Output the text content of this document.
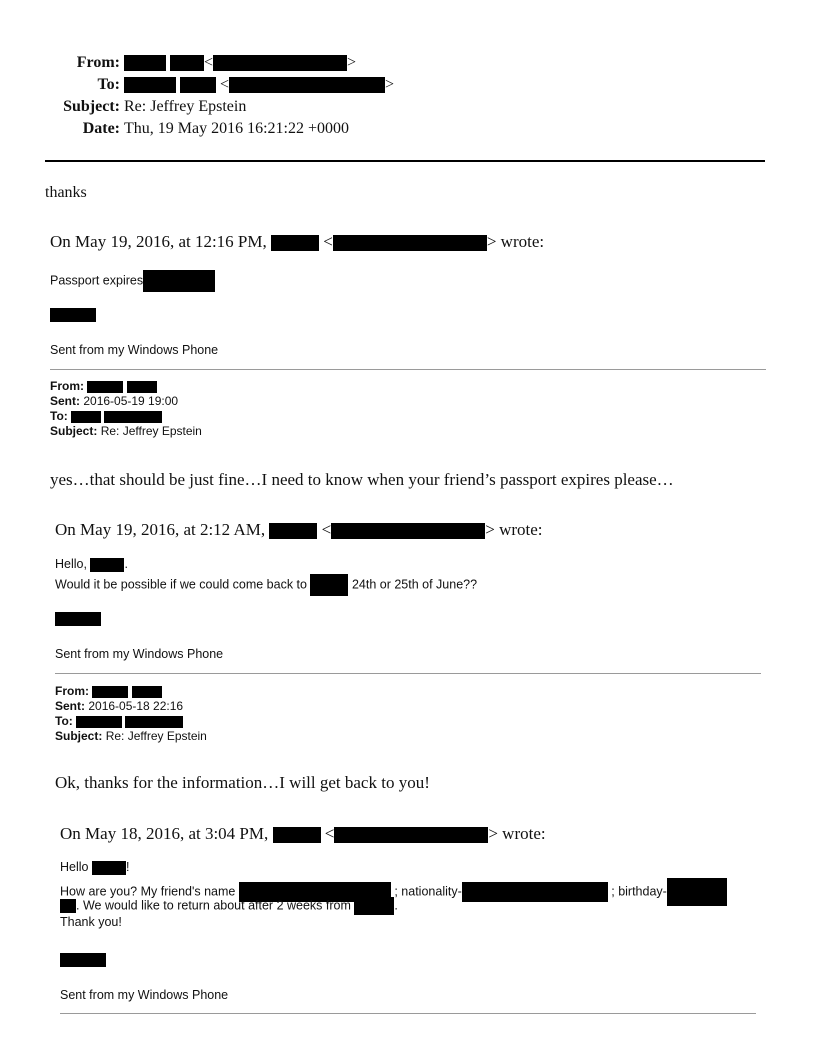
From:	<	>
To:	<	>
Subject: Re: Jeffrey Epstein
Date: Thu, 19 May 2016 16:21:22 +0000
thanks
On May 19, 2016, at 12:16 PM,	<	> wrote:
Passport expires
Sent from my Windows Phone
From:
Sent: 2016-05-19 19:00
To:
Subject: Re: Jeffrey Epstein
yes…that should be just fine…I need to know when your friend’s passport expires please…
On May 19, 2016, at 2:12 AM,	<	> wrote:
Hello,	.
Would it be possible if we could come back to	24th or 25th of June??
Sent from my Windows Phone
From:
Sent: 2016-05-18 22:16
To:
Subject: Re: Jeffrey Epstein
Ok, thanks for the information…I will get back to you!
On May 18, 2016, at 3:04 PM,	<	> wrote:
Hello	!
How are you? My friend's name	; nationality-	; birthday-
. We would like to return about after 2 weeks from	.
Thank you!
Sent from my Windows Phone
